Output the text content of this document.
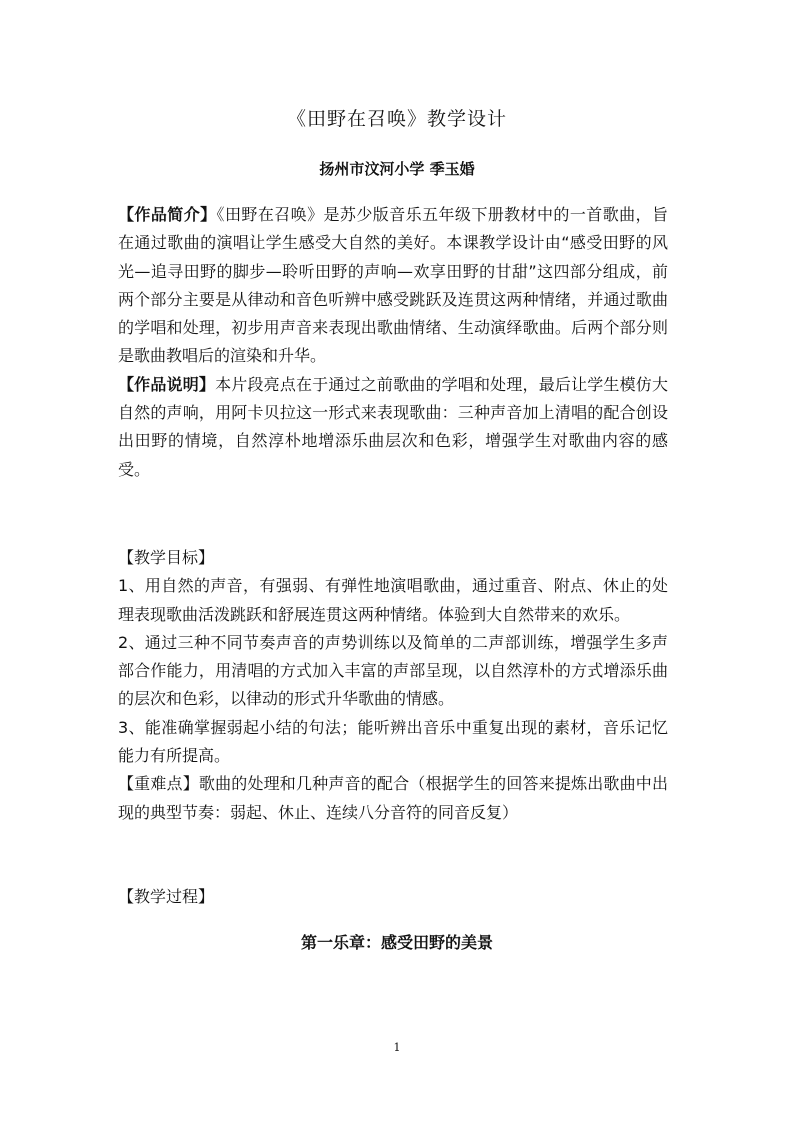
《田野在召唤》教学设计
扬州市汶河小学 季玉婚

【作品简介】《田野在召唤》是苏少版音乐五年级下册教材中的一首歌曲，旨在通过歌曲的演唱让学生感受大自然的美好。本课教学设计由“感受田野的风光—追寻田野的脚步—聆听田野的声响—欢享田野的甘甜”这四部分组成，前两个部分主要是从律动和音色听辨中感受跳跃及连贯这两种情绪，并通过歌曲的学唱和处理，初步用声音来表现出歌曲情绪、生动演绎歌曲。后两个部分则是歌曲教唱后的渲染和升华。

【作品说明】本片段亮点在于通过之前歌曲的学唱和处理，最后让学生模仿大自然的声响，用阿卡贝拉这一形式来表现歌曲：三种声音加上清唱的配合创设出田野的情境，自然淳朴地增添乐曲层次和色彩，增强学生对歌曲内容的感受。

【教学目标】

1、用自然的声音，有强弱、有弹性地演唱歌曲，通过重音、附点、休止的处理表现歌曲活泼跳跃和舒展连贯这两种情绪。体验到大自然带来的欢乐。

2、通过三种不同节奏声音的声势训练以及简单的二声部训练，增强学生多声部合作能力，用清唱的方式加入丰富的声部呈现，以自然淳朴的方式增添乐曲的层次和色彩，以律动的形式升华歌曲的情感。

3、能准确掌握弱起小结的句法；能听辨出音乐中重复出现的素材，音乐记忆能力有所提高。

【重难点】歌曲的处理和几种声音的配合（根据学生的回答来提炼出歌曲中出现的典型节奏：弱起、休止、连续八分音符的同音反复）

【教学过程】

第一乐章：感受田野的美景
1
